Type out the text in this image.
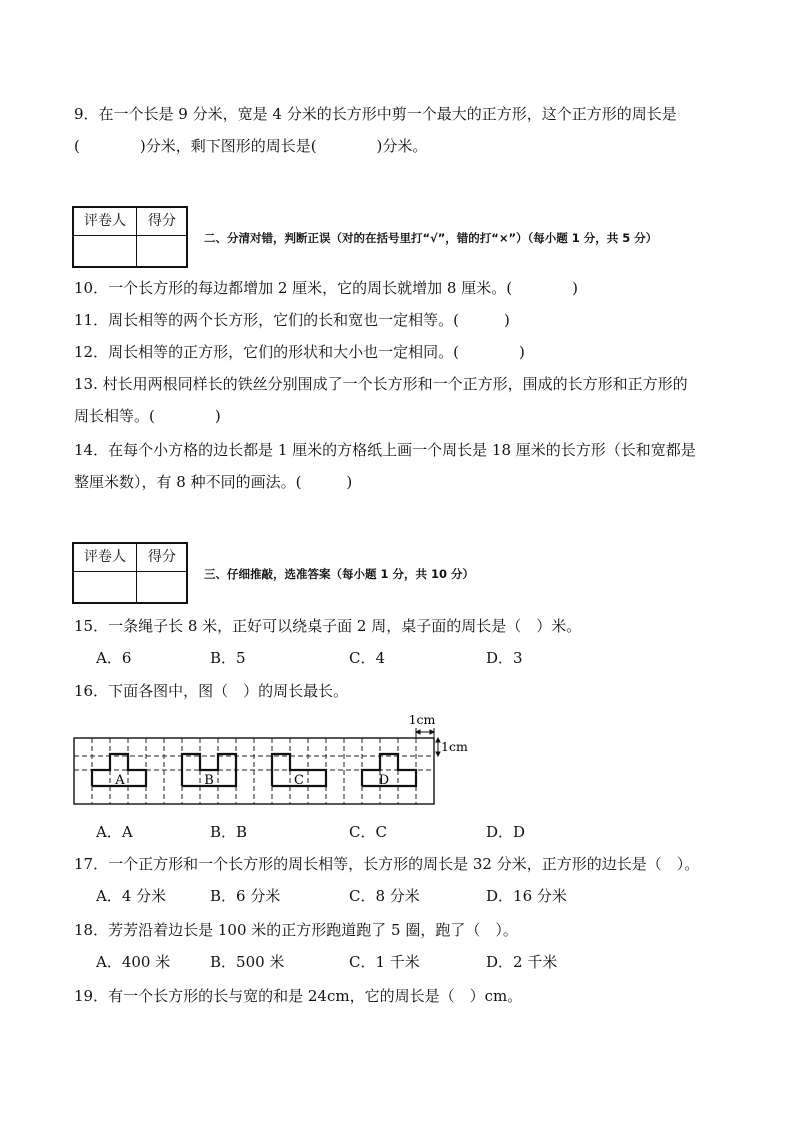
9．在一个长是 9 分米，宽是 4 分米的长方形中剪一个最大的正方形，这个正方形的周长是
(　　　　)分米，剩下图形的周长是(　　　　)分米。
评卷人	得分
二、分清对错，判断正误（对的在括号里打“√”，错的打“×”）（每小题 1 分，共 5 分）
10．一个长方形的每边都增加 2 厘米，它的周长就增加 8 厘米。(　　　　)
11．周长相等的两个长方形，它们的长和宽也一定相等。(　　　)
12．周长相等的正方形，它们的形状和大小也一定相同。(　　　　)
13. 村长用两根同样长的铁丝分别围成了一个长方形和一个正方形，围成的长方形和正方形的
周长相等。(　　　　)
14．在每个小方格的边长都是 1 厘米的方格纸上画一个周长是 18 厘米的长方形（长和宽都是
整厘米数），有 8 种不同的画法。(　　　)
评卷人	得分
三、仔细推敲，选准答案（每小题 1 分，共 10 分）
15．一条绳子长 8 米，正好可以绕桌子面 2 周，桌子面的周长是（　）米。
A．6	B．5	C．4	D．3
16．下面各图中，图（　）的周长最长。
A	B	C	D
1cm
1cm
A．A	B．B	C．C	D．D
17．一个正方形和一个长方形的周长相等，长方形的周长是 32 分米，正方形的边长是（　）。
A．4 分米	B．6 分米	C．8 分米	D．16 分米
18．芳芳沿着边长是 100 米的正方形跑道跑了 5 圈，跑了（　）。
A．400 米	B．500 米	C．1 千米	D．2 千米
19．有一个长方形的长与宽的和是 24cm，它的周长是（　）cm。
